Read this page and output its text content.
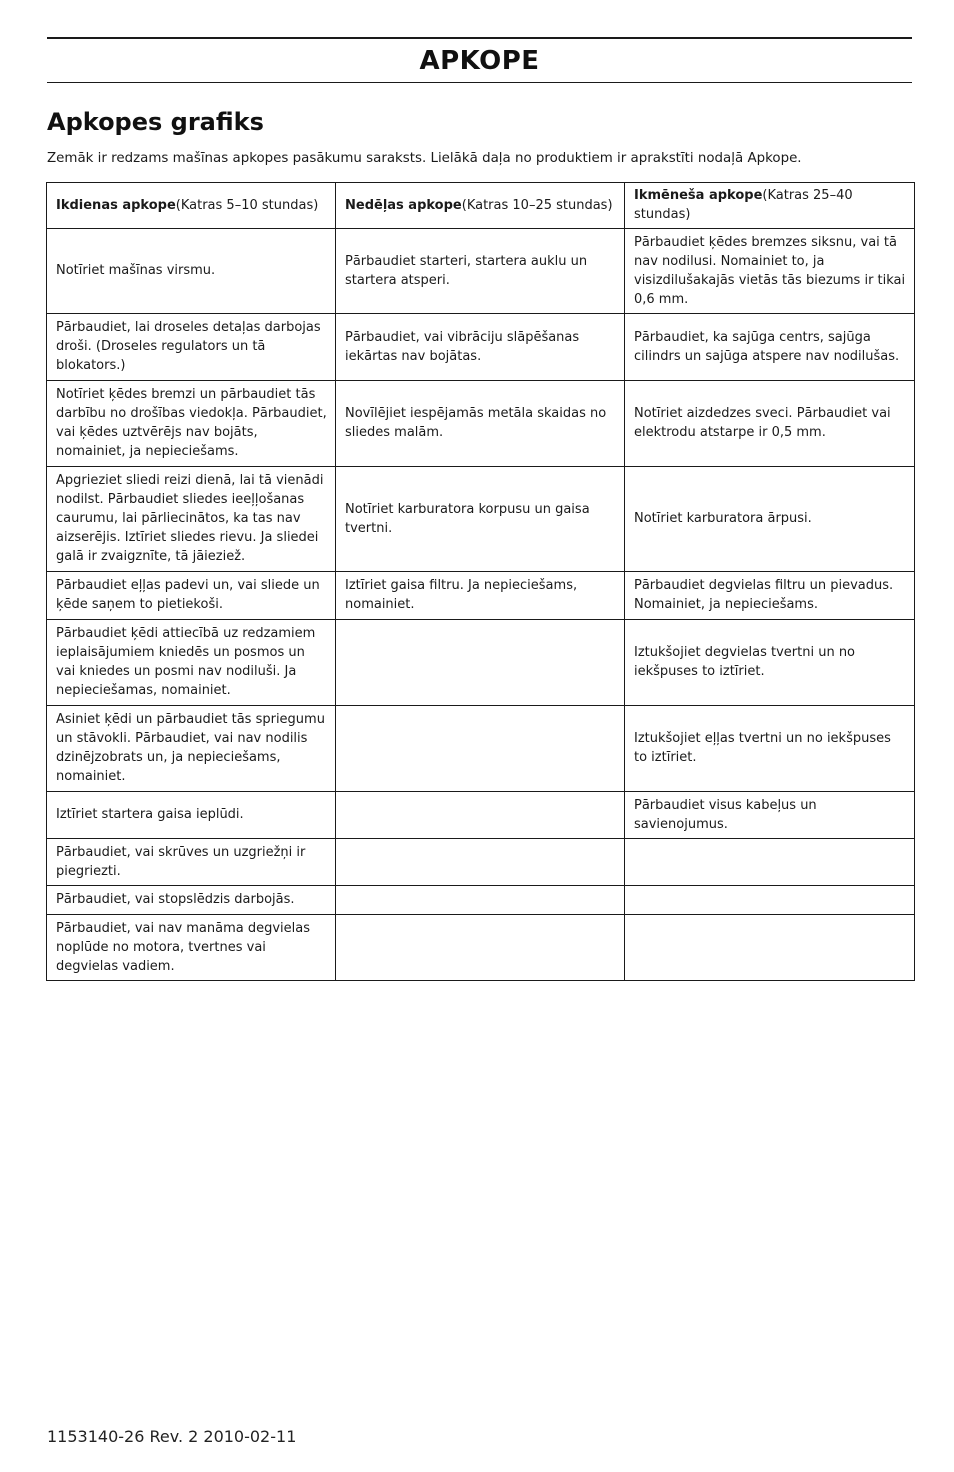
APKOPE
Apkopes grafiks
Zemāk ir redzams mašīnas apkopes pasākumu saraksts. Lielākā daļa no produktiem ir aprakstīti nodaļā Apkope.
Ikdienas apkope(Katras 5–10 stundas)	Nedēļas apkope(Katras 10–25 stundas)	Ikmēneša apkope(Katras 25–40 stundas)
Notīriet mašīnas virsmu.	Pārbaudiet starteri, startera auklu un startera atsperi.	Pārbaudiet ķēdes bremzes siksnu, vai tā nav nodilusi. Nomainiet to, ja visizdilušakajās vietās tās biezums ir tikai 0,6 mm.
Pārbaudiet, lai droseles detaļas darbojas droši. (Droseles regulators un tā blokators.)	Pārbaudiet, vai vibrāciju slāpēšanas iekārtas nav bojātas.	Pārbaudiet, ka sajūga centrs, sajūga cilindrs un sajūga atspere nav nodilušas.
Notīriet ķēdes bremzi un pārbaudiet tās darbību no drošības viedokļa. Pārbaudiet, vai ķēdes uztvērējs nav bojāts, nomainiet, ja nepieciešams.	Novīlējiet iespējamās metāla skaidas no sliedes malām.	Notīriet aizdedzes sveci. Pārbaudiet vai elektrodu atstarpe ir 0,5 mm.
Apgrieziet sliedi reizi dienā, lai tā vienādi nodilst. Pārbaudiet sliedes ieeļļošanas caurumu, lai pārliecinātos, ka tas nav aizserējis. Iztīriet sliedes rievu. Ja sliedei galā ir zvaigznīte, tā jāieziež.	Notīriet karburatora korpusu un gaisa tvertni.	Notīriet karburatora ārpusi.
Pārbaudiet eļļas padevi un, vai sliede un ķēde saņem to pietiekoši.	Iztīriet gaisa filtru. Ja nepieciešams, nomainiet.	Pārbaudiet degvielas filtru un pievadus. Nomainiet, ja nepieciešams.
Pārbaudiet ķēdi attiecībā uz redzamiem ieplaisājumiem kniedēs un posmos un vai kniedes un posmi nav nodiluši. Ja nepieciešamas, nomainiet.		Iztukšojiet degvielas tvertni un no iekšpuses to iztīriet.
Asiniet ķēdi un pārbaudiet tās spriegumu un stāvokli. Pārbaudiet, vai nav nodilis dzinējzobrats un, ja nepieciešams, nomainiet.		Iztukšojiet eļļas tvertni un no iekšpuses to iztīriet.
Iztīriet startera gaisa ieplūdi.		Pārbaudiet visus kabeļus un savienojumus.
Pārbaudiet, vai skrūves un uzgriežņi ir piegriezti.		
Pārbaudiet, vai stopslēdzis darbojās.		
Pārbaudiet, vai nav manāma degvielas noplūde no motora, tvertnes vai degvielas vadiem.		
1153140-26 Rev. 2 2010-02-11
